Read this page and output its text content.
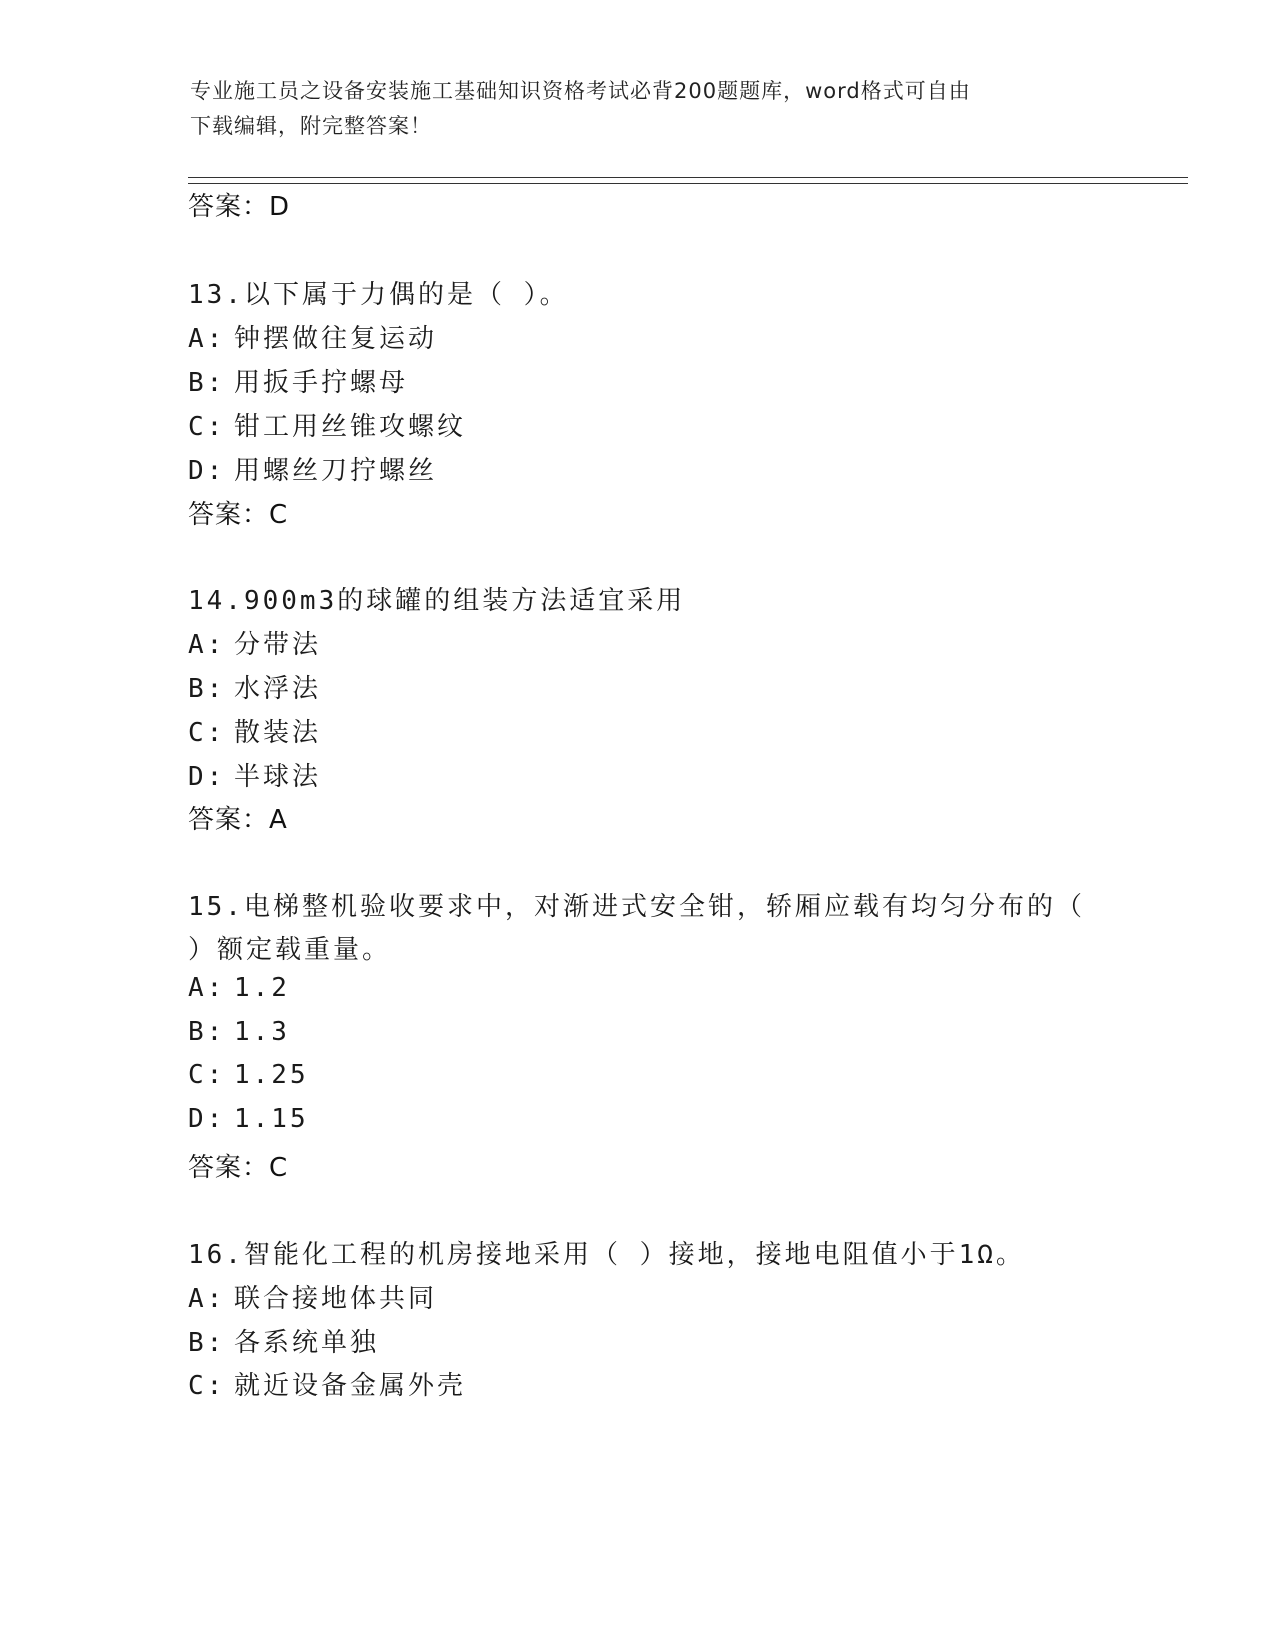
专业施工员之设备安装施工基础知识资格考试必背200题题库，word格式可自由
下载编辑，附完整答案！
答案：D
13.以下属于力偶的是（ ）。
A: 钟摆做往复运动
B: 用扳手拧螺母
C: 钳工用丝锥攻螺纹
D: 用螺丝刀拧螺丝
答案：C
14.900m3的球罐的组装方法适宜采用
A: 分带法
B: 水浮法
C: 散装法
D: 半球法
答案：A
15.电梯整机验收要求中，对渐进式安全钳，轿厢应载有均匀分布的（
）额定载重量。
A: 1.2
B: 1.3
C: 1.25
D: 1.15
答案：C
16.智能化工程的机房接地采用（ ）接地，接地电阻值小于1Ω。
A: 联合接地体共同
B: 各系统单独
C: 就近设备金属外壳
